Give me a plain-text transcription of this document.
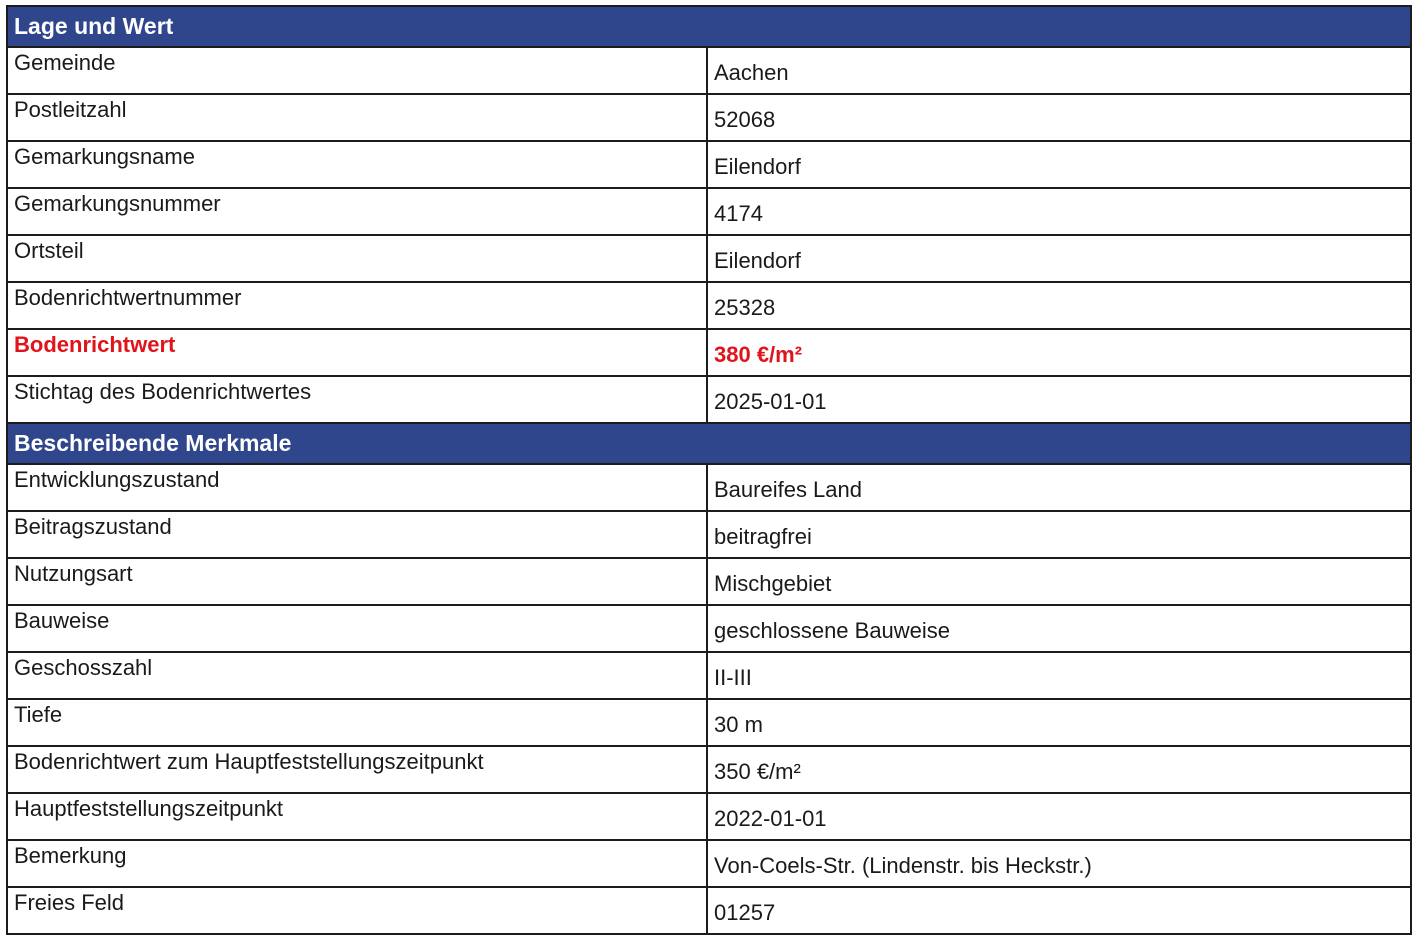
Lage und Wert	
Gemeinde	Aachen
Postleitzahl	52068
Gemarkungsname	Eilendorf
Gemarkungsnummer	4174
Ortsteil	Eilendorf
Bodenrichtwertnummer	25328
Bodenrichtwert	380 €/m²
Stichtag des Bodenrichtwertes	2025-01-01
Beschreibende Merkmale	
Entwicklungszustand	Baureifes Land
Beitragszustand	beitragfrei
Nutzungsart	Mischgebiet
Bauweise	geschlossene Bauweise
Geschosszahl	II-III
Tiefe	30 m
Bodenrichtwert zum Hauptfeststellungszeitpunkt	350 €/m²
Hauptfeststellungszeitpunkt	2022-01-01
Bemerkung	Von-Coels-Str. (Lindenstr. bis Heckstr.)
Freies Feld	01257
